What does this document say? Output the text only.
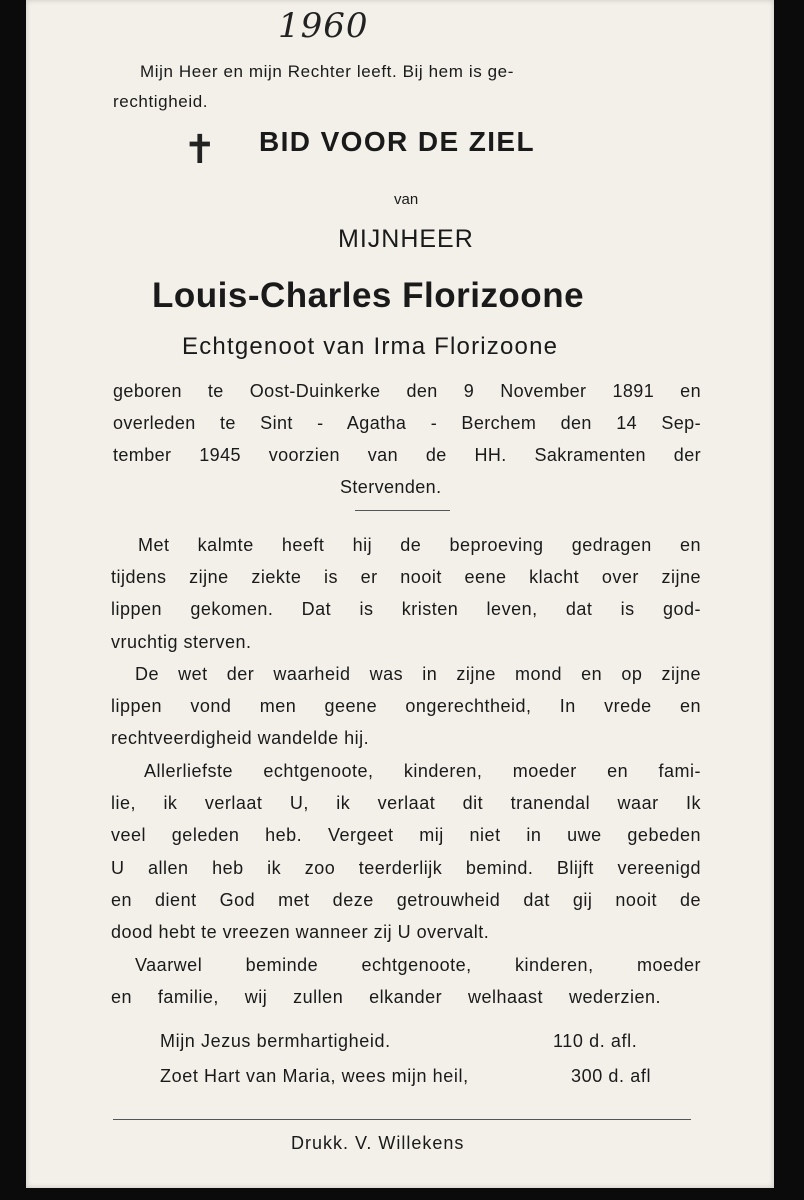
1960
Mijn Heer en mijn Rechter leeft. Bij hem is ge-
rechtigheid.
✝ BID VOOR DE ZIEL
van
MIJNHEER
Louis-Charles Florizoone
Echtgenoot van Irma Florizoone
geboren te Oost-Duinkerke den 9 November 1891 en
overleden te Sint - Agatha - Berchem den 14 Sep-
tember 1945 voorzien van de HH. Sakramenten der
Stervenden.
Met kalmte heeft hij de beproeving gedragen en
tijdens zijne ziekte is er nooit eene klacht over zijne
lippen gekomen. Dat is kristen leven, dat is god-
vruchtig sterven.
De wet der waarheid was in zijne mond en op zijne
lippen vond men geene ongerechtheid, In vrede en
rechtveerdigheid wandelde hij.
Allerliefste echtgenoote, kinderen, moeder en fami-
lie, ik verlaat U, ik verlaat dit tranendal waar Ik
veel geleden heb. Vergeet mij niet in uwe gebeden
U allen heb ik zoo teerderlijk bemind. Blijft vereenigd
en dient God met deze getrouwheid dat gij nooit de
dood hebt te vreezen wanneer zij U overvalt.
Vaarwel beminde echtgenoote, kinderen, moeder
en familie, wij zullen elkander welhaast wederzien.
Mijn Jezus bermhartigheid.	110 d. afl.
Zoet Hart van Maria, wees mijn heil,	300 d. afl
Drukk. V. Willekens
